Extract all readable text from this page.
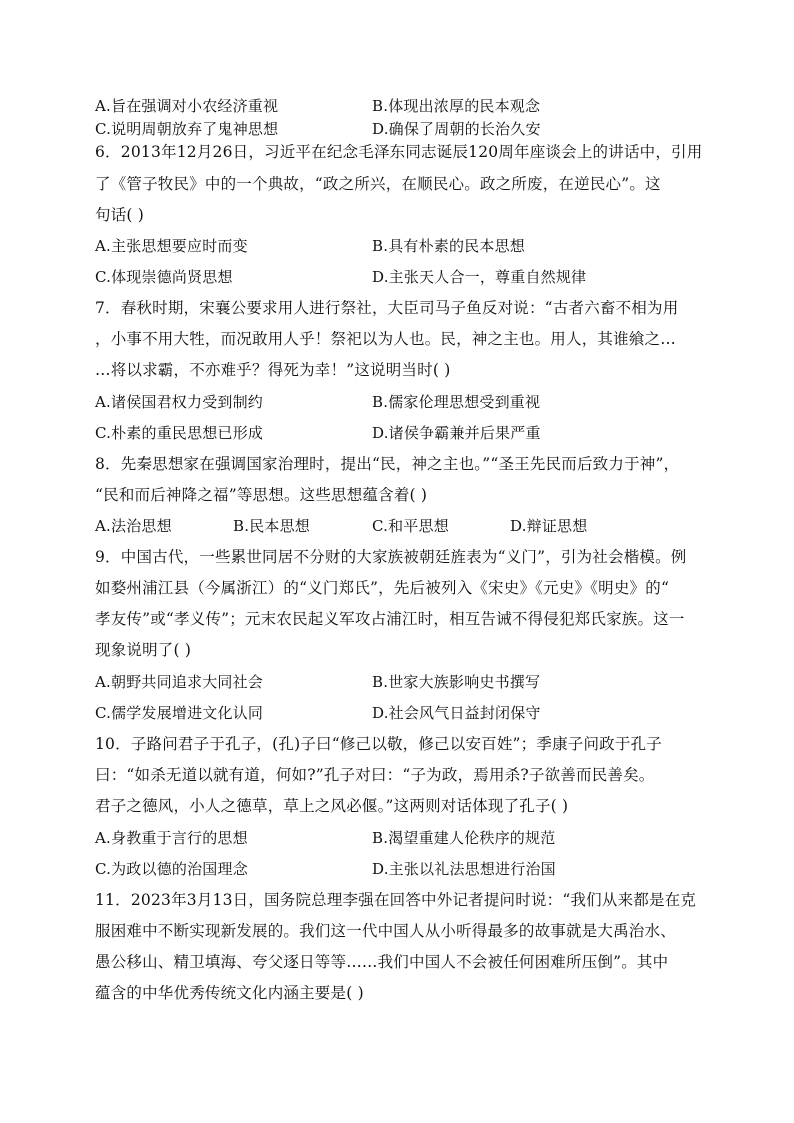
A.旨在强调对小农经济重视	B.体现出浓厚的民本观念
C.说明周朝放弃了鬼神思想	D.确保了周朝的长治久安
6．2013年12月26日，习近平在纪念毛泽东同志诞辰120周年座谈会上的讲话中，引用
了《管子牧民》中的一个典故，“政之所兴，在顺民心。政之所废，在逆民心”。这
句话( )
A.主张思想要应时而变	B.具有朴素的民本思想
C.体现崇德尚贤思想	D.主张天人合一，尊重自然规律
7．春秋时期，宋襄公要求用人进行祭社，大臣司马子鱼反对说：“古者六畜不相为用
，小事不用大牲，而况敢用人乎！祭祀以为人也。民，神之主也。用人，其谁飨之…
…将以求霸，不亦难乎？得死为幸！”这说明当时( )
A.诸侯国君权力受到制约	B.儒家伦理思想受到重视
C.朴素的重民思想已形成	D.诸侯争霸兼并后果严重
8．先秦思想家在强调国家治理时，提出“民，神之主也。”“圣王先民而后致力于神”，
“民和而后神降之福”等思想。这些思想蕴含着( )
A.法治思想	B.民本思想	C.和平思想	D.辩证思想
9．中国古代，一些累世同居不分财的大家族被朝廷旌表为“义门”，引为社会楷模。例
如婺州浦江县（今属浙江）的“义门郑氏”，先后被列入《宋史》《元史》《明史》的“
孝友传”或“孝义传”；元末农民起义军攻占浦江时，相互告诫不得侵犯郑氏家族。这一
现象说明了( )
A.朝野共同追求大同社会	B.世家大族影响史书撰写
C.儒学发展增进文化认同	D.社会风气日益封闭保守
10．子路问君子于孔子，(孔)子曰“修己以敬，修己以安百姓”；季康子问政于孔子
曰：“如杀无道以就有道，何如?”孔子对曰：“子为政，焉用杀?子欲善而民善矣。
君子之德风，小人之德草，草上之风必偃。”这两则对话体现了孔子( )
A.身教重于言行的思想	B.渴望重建人伦秩序的规范
C.为政以德的治国理念	D.主张以礼法思想进行治国
11．2023年3月13日，国务院总理李强在回答中外记者提问时说：“我们从来都是在克
服困难中不断实现新发展的。我们这一代中国人从小听得最多的故事就是大禹治水、
愚公移山、精卫填海、夸父逐日等等……我们中国人不会被任何困难所压倒”。其中
蕴含的中华优秀传统文化内涵主要是( )
